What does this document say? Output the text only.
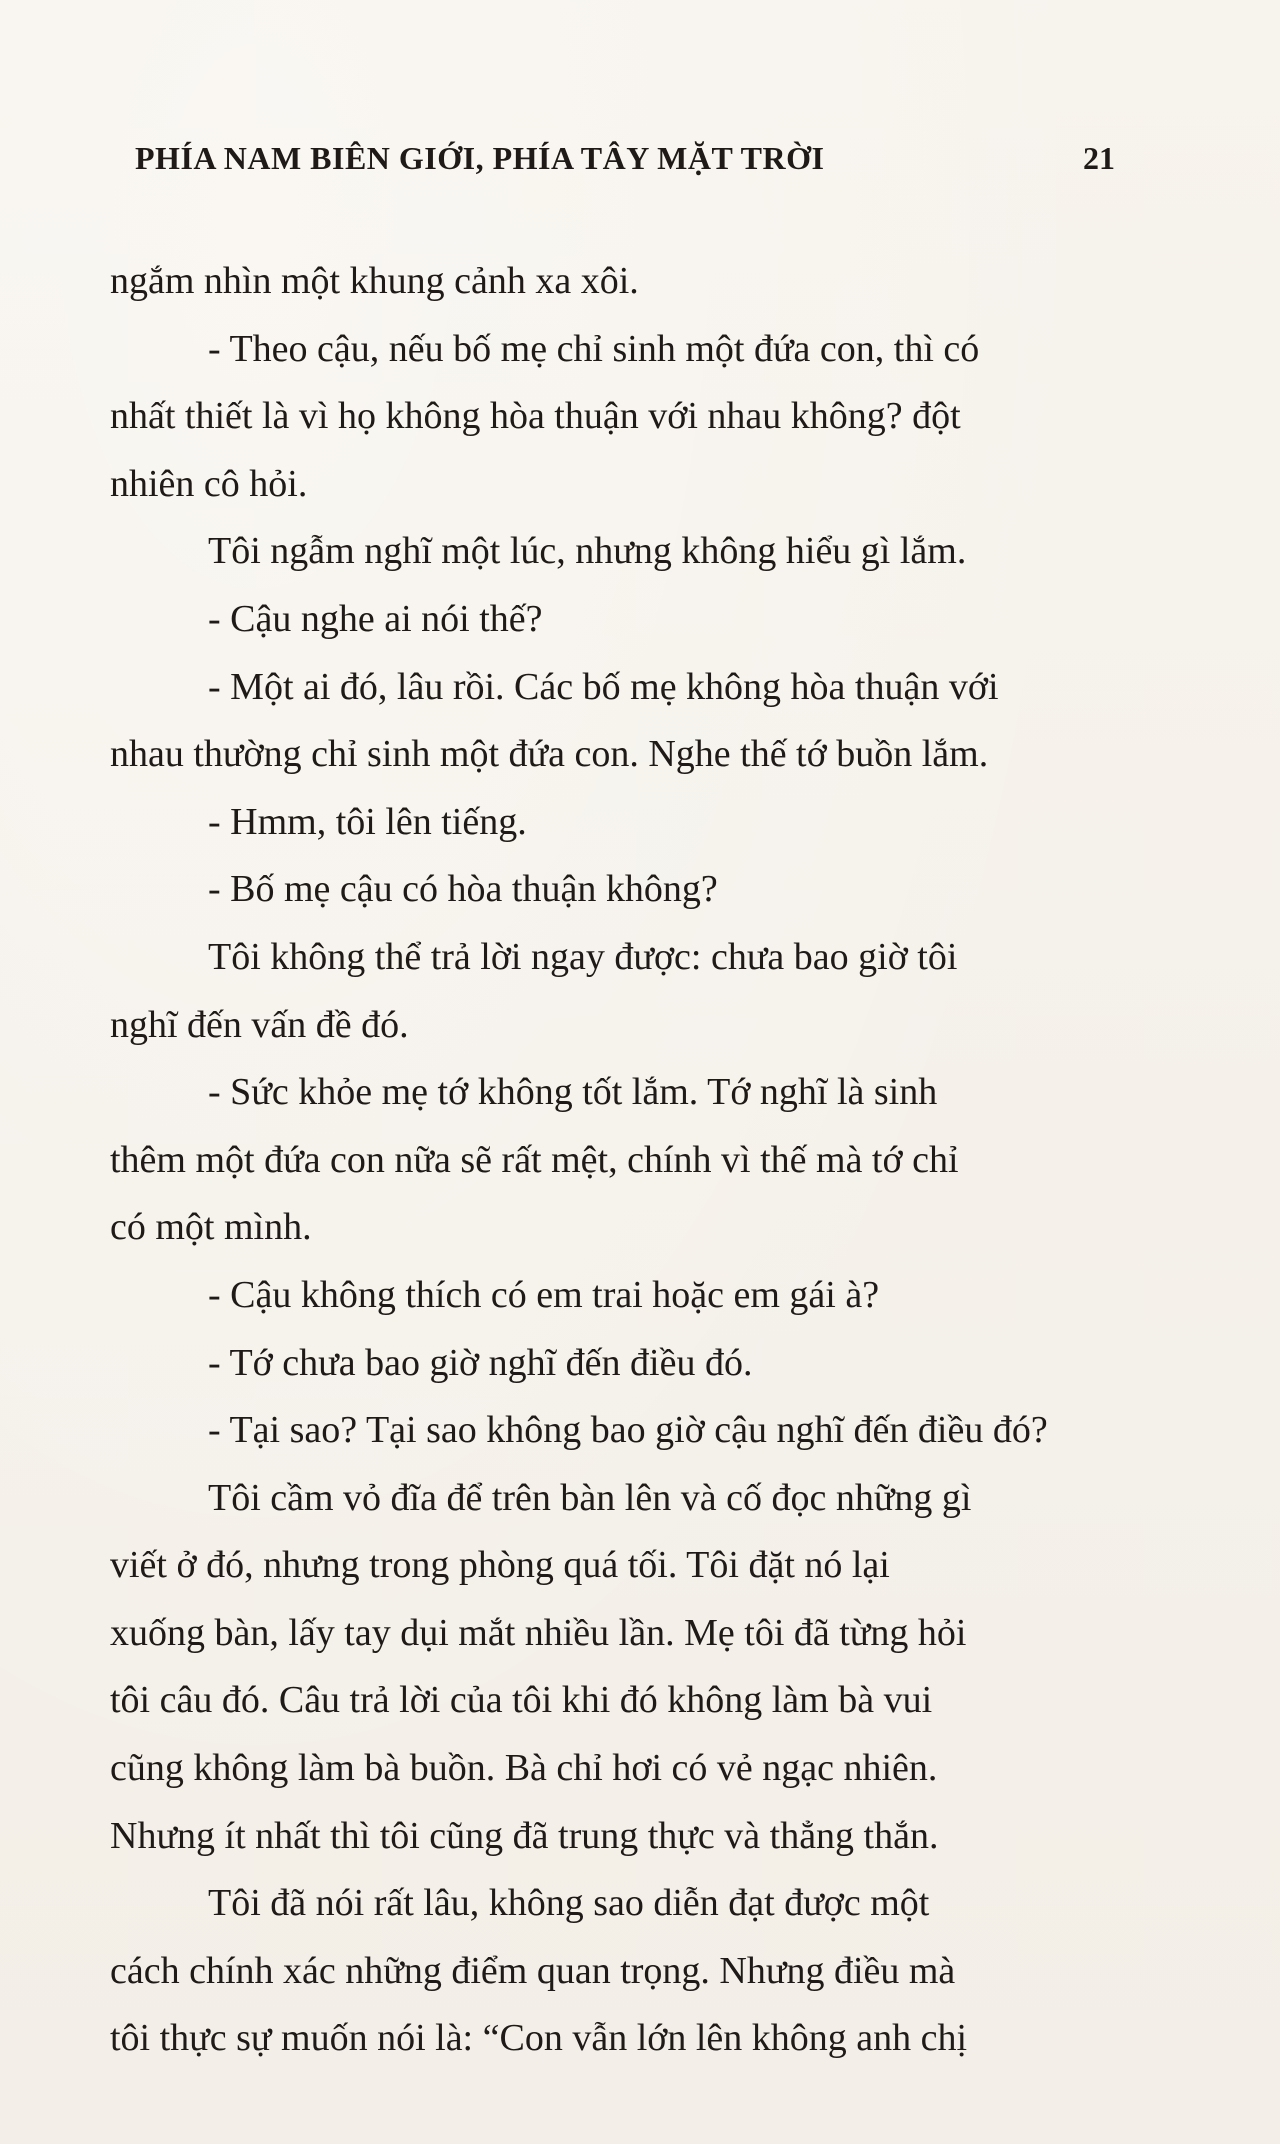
PHÍA NAM BIÊN GIỚI, PHÍA TÂY MẶT TRỜI	21
ngắm nhìn một khung cảnh xa xôi.
- Theo cậu, nếu bố mẹ chỉ sinh một đứa con, thì có
nhất thiết là vì họ không hòa thuận với nhau không? đột
nhiên cô hỏi.
Tôi ngẫm nghĩ một lúc, nhưng không hiểu gì lắm.
- Cậu nghe ai nói thế?
- Một ai đó, lâu rồi. Các bố mẹ không hòa thuận với
nhau thường chỉ sinh một đứa con. Nghe thế tớ buồn lắm.
- Hmm, tôi lên tiếng.
- Bố mẹ cậu có hòa thuận không?
Tôi không thể trả lời ngay được: chưa bao giờ tôi
nghĩ đến vấn đề đó.
- Sức khỏe mẹ tớ không tốt lắm. Tớ nghĩ là sinh
thêm một đứa con nữa sẽ rất mệt, chính vì thế mà tớ chỉ
có một mình.
- Cậu không thích có em trai hoặc em gái à?
- Tớ chưa bao giờ nghĩ đến điều đó.
- Tại sao? Tại sao không bao giờ cậu nghĩ đến điều đó?
Tôi cầm vỏ đĩa để trên bàn lên và cố đọc những gì
viết ở đó, nhưng trong phòng quá tối. Tôi đặt nó lại
xuống bàn, lấy tay dụi mắt nhiều lần. Mẹ tôi đã từng hỏi
tôi câu đó. Câu trả lời của tôi khi đó không làm bà vui
cũng không làm bà buồn. Bà chỉ hơi có vẻ ngạc nhiên.
Nhưng ít nhất thì tôi cũng đã trung thực và thẳng thắn.
Tôi đã nói rất lâu, không sao diễn đạt được một
cách chính xác những điểm quan trọng. Nhưng điều mà
tôi thực sự muốn nói là: “Con vẫn lớn lên không anh chị
